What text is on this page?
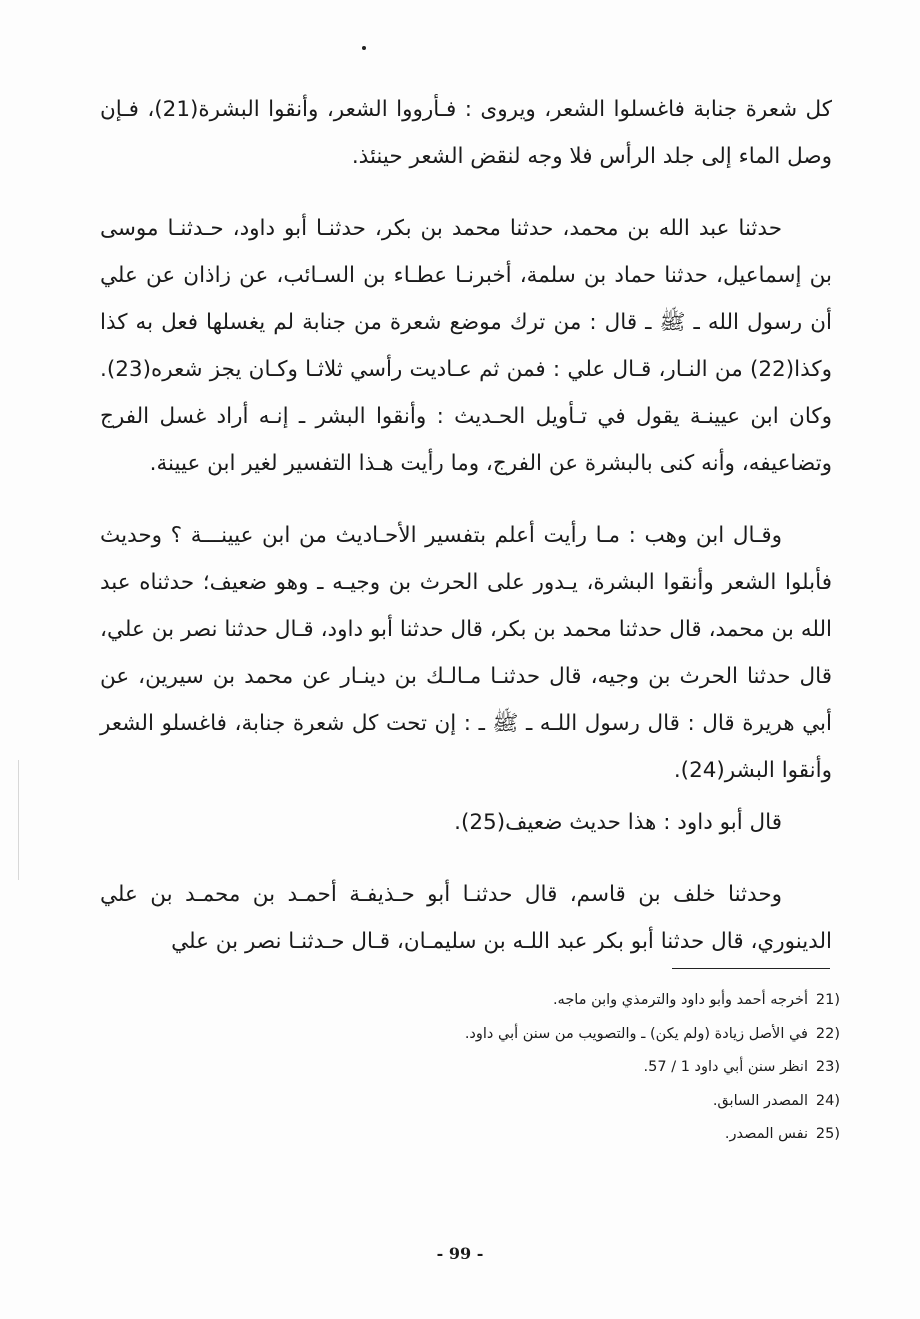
كل شعرة جنابة فاغسلوا الشعر، ويروى : فـأرووا الشعر، وأنقوا البشرة(21)، فـإن وصل الماء إلى جلد الرأس فلا وجه لنقض الشعر حينئذ.

حدثنا عبد الله بن محمد، حدثنا محمد بن بكر، حدثنـا أبو داود، حـدثنـا موسى بن إسماعيل، حدثنا حماد بن سلمة، أخبرنـا عطـاء بن السـائب، عن زاذان عن علي أن رسول الله ـ ﷺ ـ قال : من ترك موضع شعرة من جنابة لم يغسلها فعل به كذا وكذا(22) من النـار، قـال علي : فمن ثم عـاديت رأسي ثلاثـا وكـان يجز شعره(23). وكان ابن عيينـة يقول في تـأويل الحـديث : وأنقوا البشر ـ إنـه أراد غسل الفرج وتضاعيفه، وأنه كنى بالبشرة عن الفرج، وما رأيت هـذا التفسير لغير ابن عيينة.

وقـال ابن وهب : مـا رأيت أعلم بتفسير الأحـاديث من ابن عيينـــة ؟ وحديث فأبلوا الشعر وأنقوا البشرة، يـدور على الحرث بن وجيـه ـ وهو ضعيف؛ حدثناه عبد الله بن محمد، قال حدثنا محمد بن بكر، قال حدثنا أبو داود، قـال حدثنا نصر بن علي، قال حدثنا الحرث بن وجيه، قال حدثنـا مـالـك بن دينـار عن محمد بن سيرين، عن أبي هريرة قال : قال رسول اللـه ـ ﷺ ـ : إن تحت كل شعرة جنابة، فاغسلو الشعر وأنقوا البشر(24).

قال أبو داود : هذا حديث ضعيف(25).

وحدثنا خلف بن قاسم، قال حدثنـا أبو حـذيفـة أحمـد بن محمـد بن علي الدينوري، قال حدثنا أبو بكر عبد اللـه بن سليمـان، قـال حـدثنـا نصر بن علي

21)أخرجه أحمد وأبو داود والترمذي وابن ماجه.
22)في الأصل زيادة (ولم يكن) ـ والتصويب من سنن أبي داود.
23)انظر سنن أبي داود 1 / 57.
24)المصدر السابق.
25)نفس المصدر.
- 99 -
